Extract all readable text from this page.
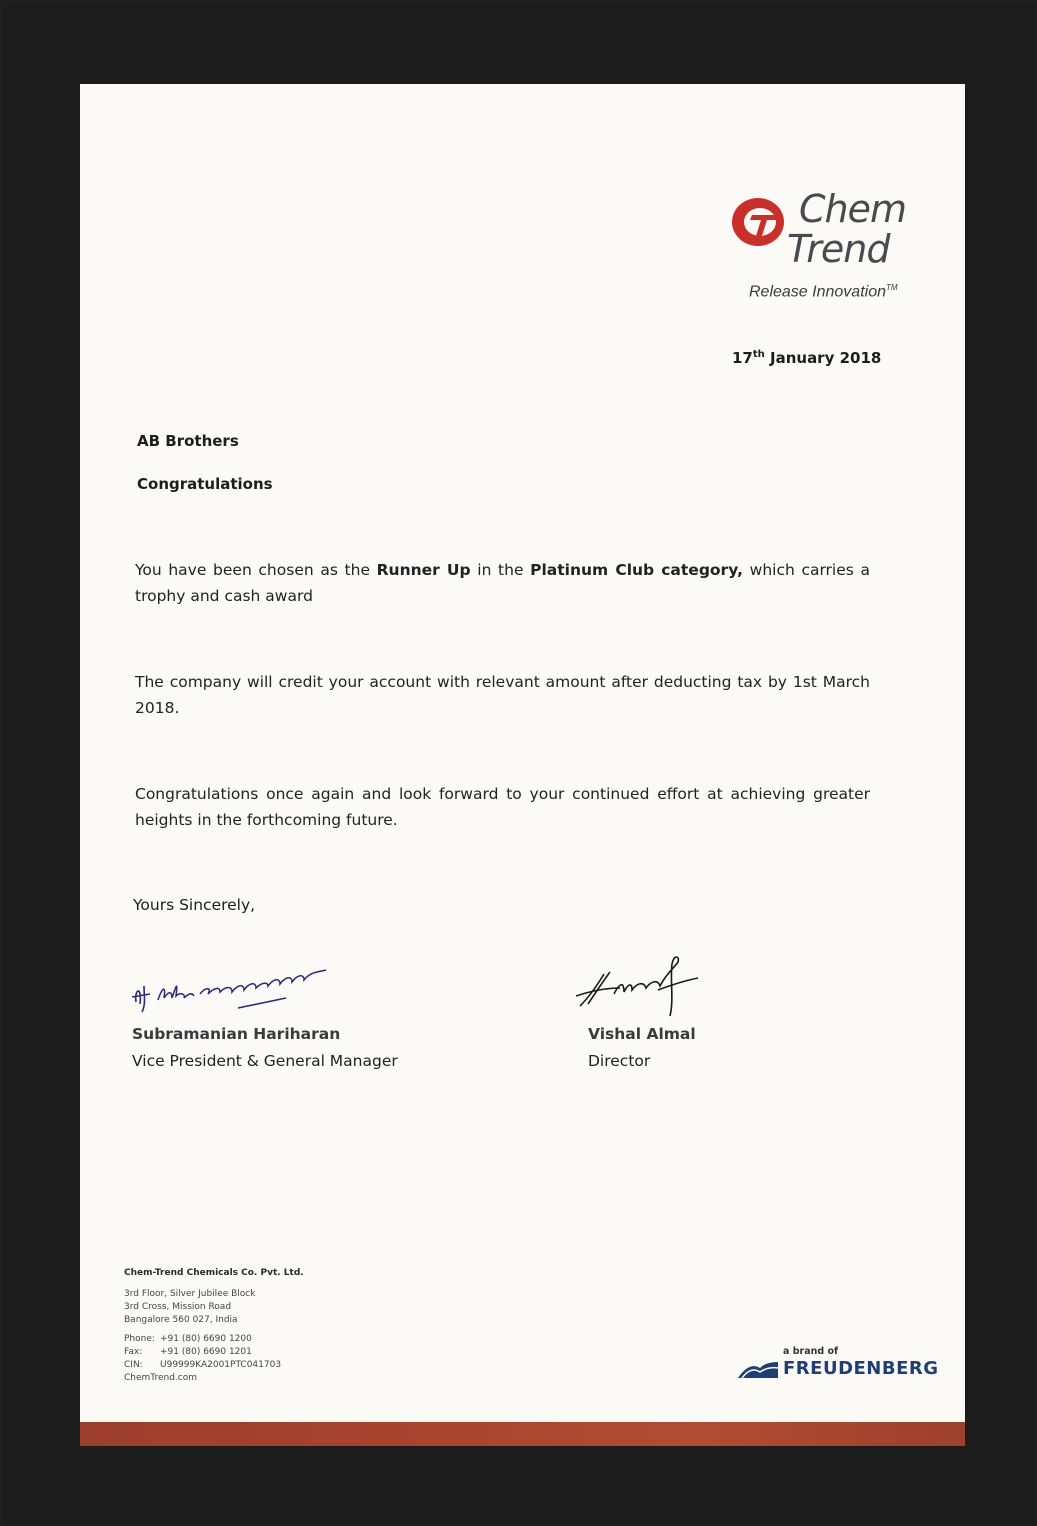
Chem
Trend
Release Innovation™
17th January 2018
AB Brothers
Congratulations
You have been chosen as the Runner Up in the Platinum Club category, which carries a trophy and cash award
The company will credit your account with relevant amount after deducting tax by 1st March 2018.
Congratulations once again and look forward to your continued effort at achieving greater heights in the forthcoming future.
Yours Sincerely,
Subramanian Hariharan
Vice President & General Manager
Vishal Almal
Director
Chem-Trend Chemicals Co. Pvt. Ltd.
3rd Floor, Silver Jubilee Block
3rd Cross, Mission Road
Bangalore 560 027, India
Phone: +91 (80) 6690 1200
Fax: +91 (80) 6690 1201
CIN: U99999KA2001PTC041703
ChemTrend.com
a brand of
FREUDENBERG
